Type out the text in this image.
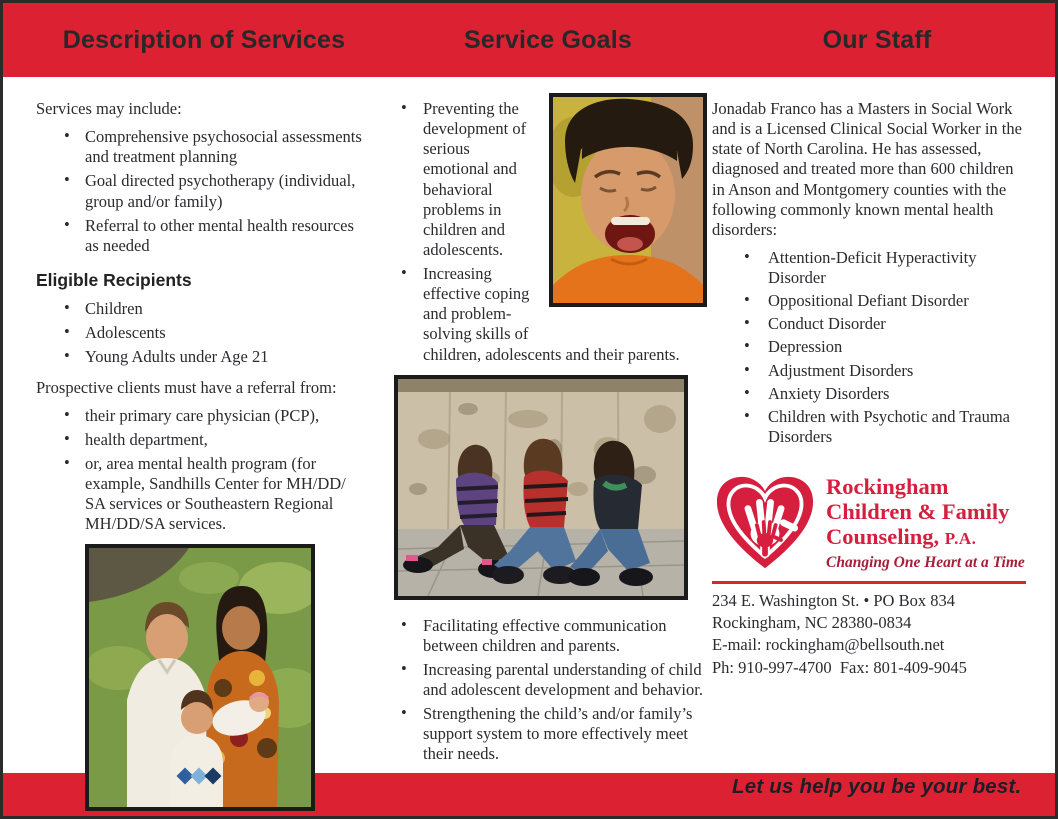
Description of Services	Service Goals	Our Staff
Services may include:
• Comprehensive psychosocial assessments and treatment planning
• Goal directed psychotherapy (individual, group and/or family)
• Referral to other mental health resources as needed
Eligible Recipients
• Children
• Adolescents
• Young Adults under Age 21
Prospective clients must have a referral from:
• their primary care physician (PCP),
• health department,
• or, area mental health program (for example, Sandhills Center for MH/DD/ SA services or Southeastern Regional MH/DD/SA services.
• Preventing the development of serious emotional and behavioral problems in children and adolescents.
• Increasing effective coping and problem-solving skills of children, adolescents and their parents.
• Facilitating effective communication between children and parents.
• Increasing parental understanding of child and adolescent development and behavior.
• Strengthening the child’s and/or family’s support system to more effectively meet their needs.
Jonadab Franco has a Masters in Social Work and is a Licensed Clinical Social Worker in the state of North Carolina. He has assessed, diagnosed and treated more than 600 children in Anson and Montgomery counties with the following commonly known mental health disorders:
• Attention-Deficit Hyperactivity Disorder
• Oppositional Defiant Disorder
• Conduct Disorder
• Depression
• Adjustment Disorders
• Anxiety Disorders
• Children with Psychotic and Trauma Disorders
Rockingham
Children & Family
Counseling, P.A.
Changing One Heart at a Time
234 E. Washington St. • PO Box 834
Rockingham, NC 28380-0834
E-mail: rockingham@bellsouth.net
Ph: 910-997-4700  Fax: 801-409-9045
Let us help you be your best.
